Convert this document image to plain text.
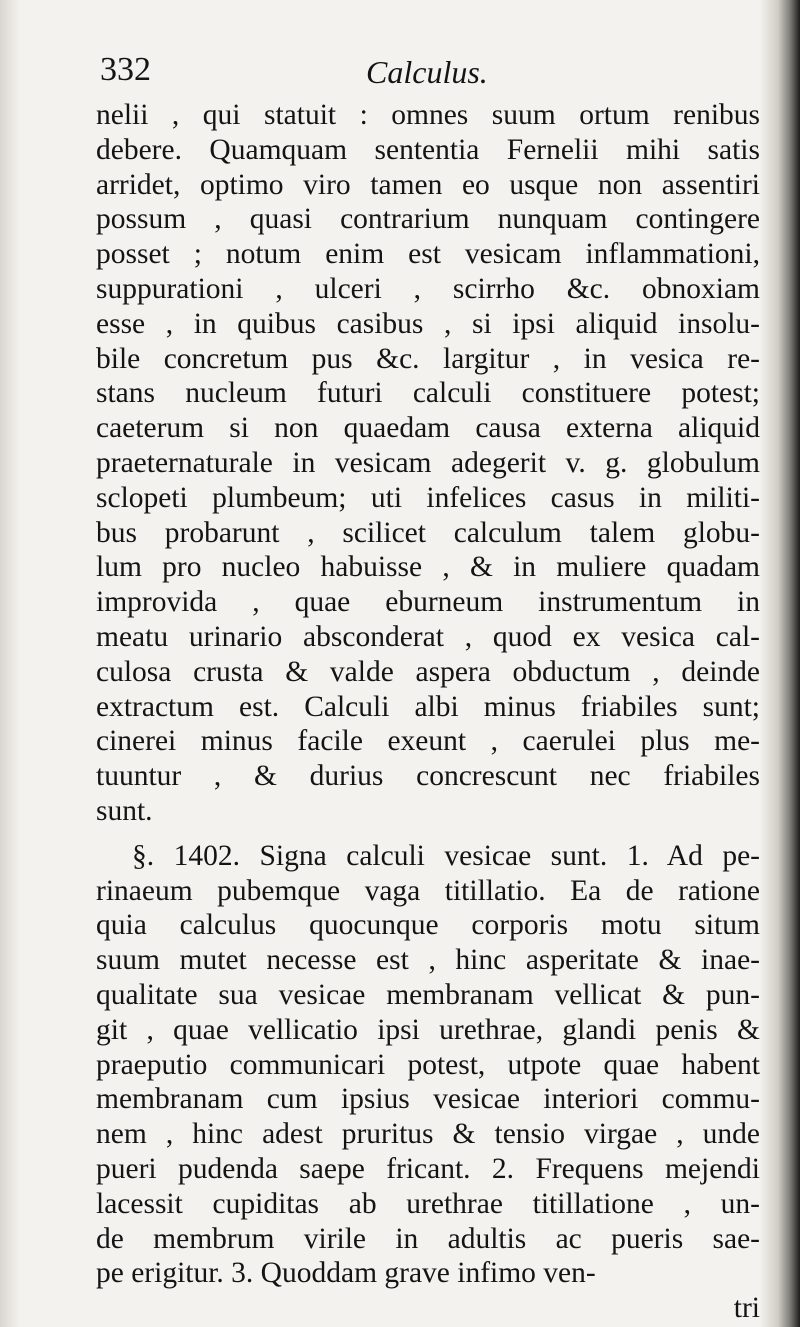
332	Calculus.
nelii , qui statuit : omnes suum ortum renibus
debere. Quamquam sententia Fernelii mihi satis
arridet, optimo viro tamen eo usque non assentiri
possum , quasi contrarium nunquam contingere
posset ; notum enim est vesicam inflammationi,
suppurationi , ulceri , scirrho &c. obnoxiam
esse , in quibus casibus , si ipsi aliquid insolu-
bile concretum pus &c. largitur , in vesica re-
stans nucleum futuri calculi constituere potest;
caeterum si non quaedam causa externa aliquid
praeternaturale in vesicam adegerit v. g. globulum
sclopeti plumbeum; uti infelices casus in militi-
bus probarunt , scilicet calculum talem globu-
lum pro nucleo habuisse , & in muliere quadam
improvida , quae eburneum instrumentum in
meatu urinario absconderat , quod ex vesica cal-
culosa crusta & valde aspera obductum , deinde
extractum est. Calculi albi minus friabiles sunt;
cinerei minus facile exeunt , caerulei plus me-
tuuntur , & durius concrescunt nec friabiles
sunt.
§. 1402. Signa calculi vesicae sunt. 1. Ad pe-
rinaeum pubemque vaga titillatio. Ea de ratione
quia calculus quocunque corporis motu situm
suum mutet necesse est , hinc asperitate & inae-
qualitate sua vesicae membranam vellicat & pun-
git , quae vellicatio ipsi urethrae, glandi penis &
praeputio communicari potest, utpote quae habent
membranam cum ipsius vesicae interiori commu-
nem , hinc adest pruritus & tensio virgae , unde
pueri pudenda saepe fricant. 2. Frequens mejendi
lacessit cupiditas ab urethrae titillatione , un-
de membrum virile in adultis ac pueris sae-
pe erigitur. 3. Quoddam grave infimo ven-
tri
